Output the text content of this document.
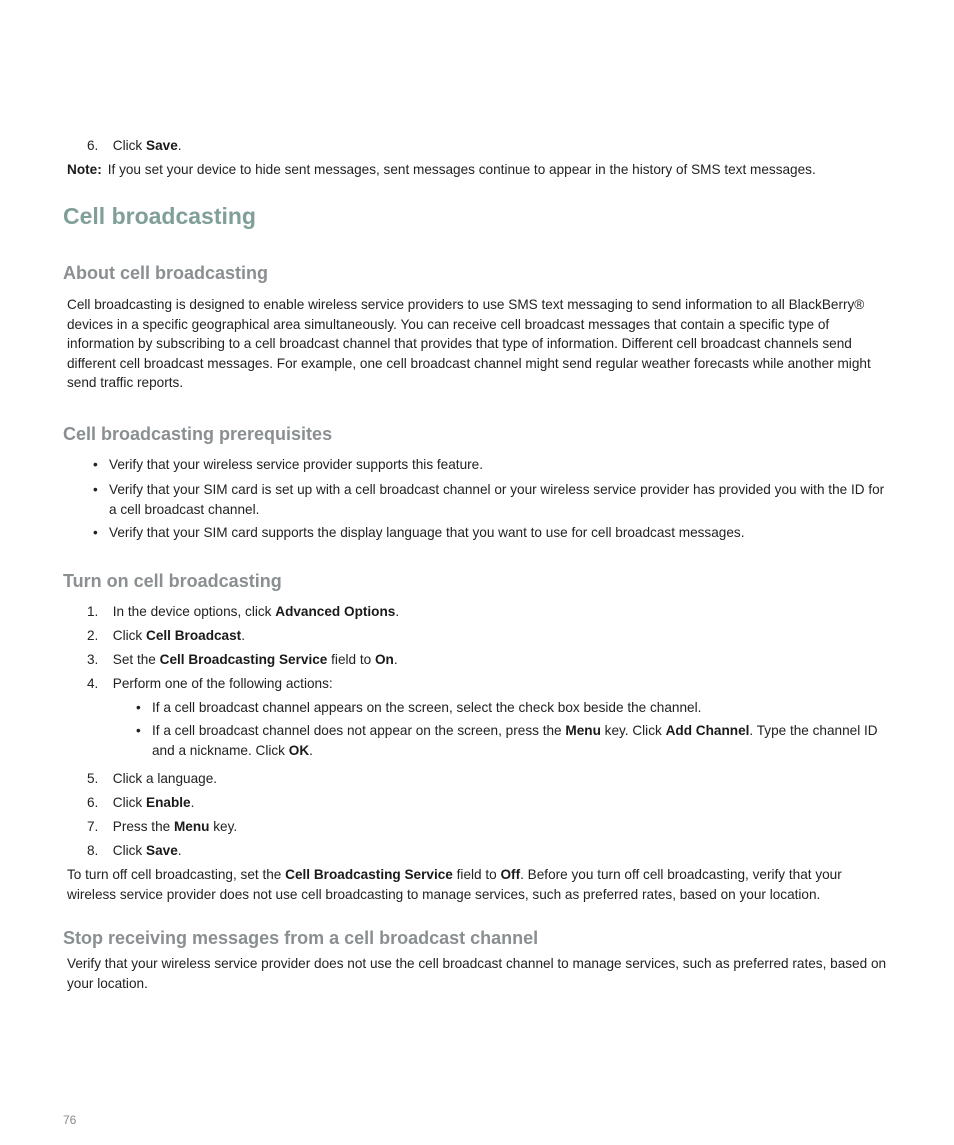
6. Click Save.
Note: If you set your device to hide sent messages, sent messages continue to appear in the history of SMS text messages.
Cell broadcasting
About cell broadcasting
Cell broadcasting is designed to enable wireless service providers to use SMS text messaging to send information to all BlackBerry® devices in a specific geographical area simultaneously. You can receive cell broadcast messages that contain a specific type of information by subscribing to a cell broadcast channel that provides that type of information. Different cell broadcast channels send different cell broadcast messages. For example, one cell broadcast channel might send regular weather forecasts while another might send traffic reports.
Cell broadcasting prerequisites
• Verify that your wireless service provider supports this feature.
• Verify that your SIM card is set up with a cell broadcast channel or your wireless service provider has provided you with the ID for a cell broadcast channel.
• Verify that your SIM card supports the display language that you want to use for cell broadcast messages.
Turn on cell broadcasting
1. In the device options, click Advanced Options.
2. Click Cell Broadcast.
3. Set the Cell Broadcasting Service field to On.
4. Perform one of the following actions:
• If a cell broadcast channel appears on the screen, select the check box beside the channel.
• If a cell broadcast channel does not appear on the screen, press the Menu key. Click Add Channel. Type the channel ID and a nickname. Click OK.
5. Click a language.
6. Click Enable.
7. Press the Menu key.
8. Click Save.
To turn off cell broadcasting, set the Cell Broadcasting Service field to Off. Before you turn off cell broadcasting, verify that your wireless service provider does not use cell broadcasting to manage services, such as preferred rates, based on your location.
Stop receiving messages from a cell broadcast channel
Verify that your wireless service provider does not use the cell broadcast channel to manage services, such as preferred rates, based on your location.
76
